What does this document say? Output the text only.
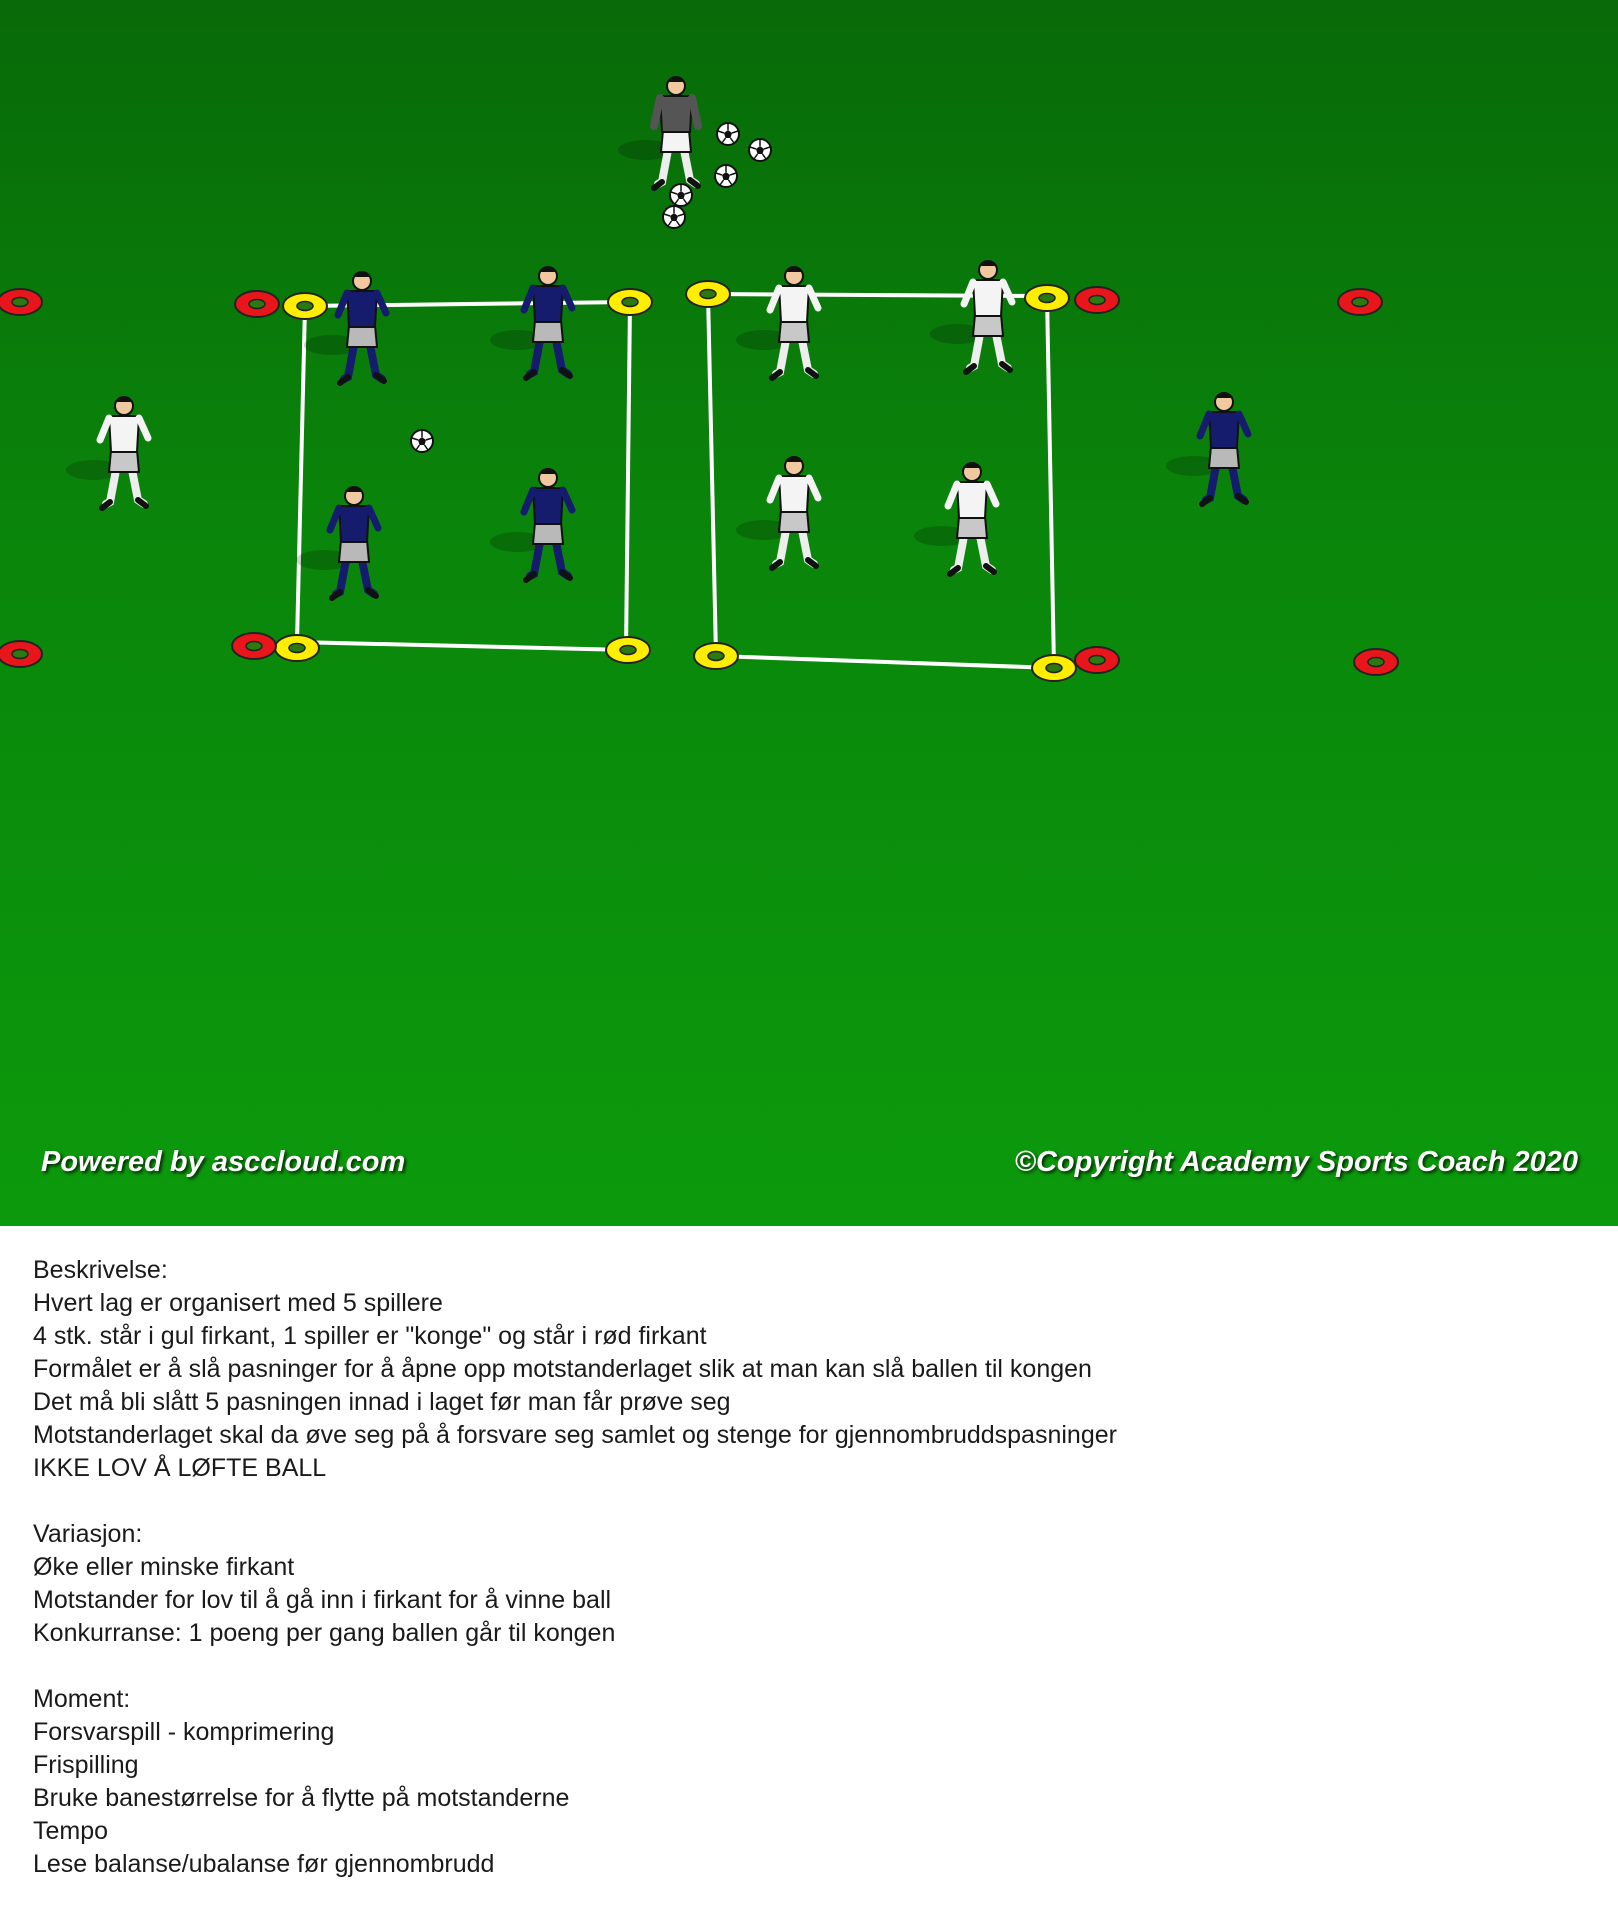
Powered by asccloud.com	©Copyright Academy Sports Coach 2020
Beskrivelse:
Hvert lag er organisert med 5 spillere
4 stk. står i gul firkant, 1 spiller er "konge" og står i rød firkant
Formålet er å slå pasninger for å åpne opp motstanderlaget slik at man kan slå ballen til kongen
Det må bli slått 5 pasningen innad i laget før man får prøve seg
Motstanderlaget skal da øve seg på å forsvare seg samlet og stenge for gjennombruddspasninger
IKKE LOV Å LØFTE BALL
Variasjon:
Øke eller minske firkant
Motstander for lov til å gå inn i firkant for å vinne ball
Konkurranse: 1 poeng per gang ballen går til kongen
Moment:
Forsvarspill - komprimering
Frispilling
Bruke banestørrelse for å flytte på motstanderne
Tempo
Lese balanse/ubalanse før gjennombrudd
